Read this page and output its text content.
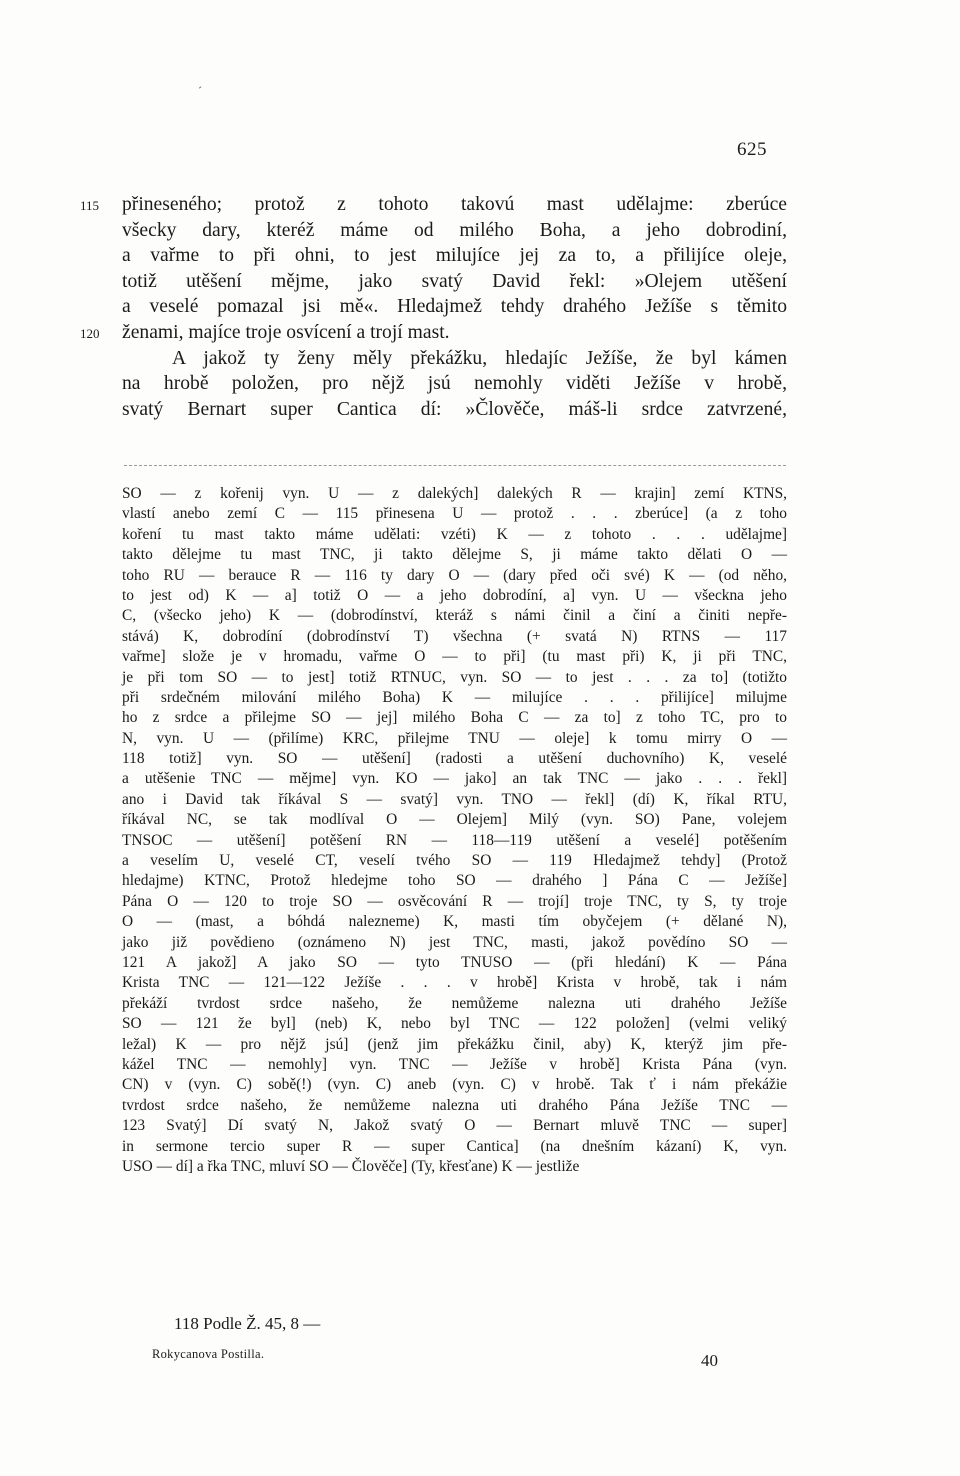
´
625
115 přineseného; protož z tohoto takovú mast udělajme: zberúce
všecky dary, kteréž máme od milého Boha, a jeho dobrodiní,
a vařme to při ohni, to jest milujíce jej za to, a přilijíce oleje,
totiž utěšení mějme, jako svatý David řekl: »Olejem utěšení
a veselé pomazal jsi mě«. Hledajmež tehdy drahého Ježíše s těmito
120 ženami, majíce troje osvícení a trojí mast.
A jakož ty ženy měly překážku, hledajíc Ježíše, že byl kámen
na hrobě položen, pro nějž jsú nemohly viděti Ježíše v hrobě,
svatý Bernart super Cantica dí: »Člověče, máš-li srdce zatvrzené,
SO — z kořenij vyn. U — z dalekých] dalekých R — krajin] zemí KTNS,
vlastí anebo zemí C — 115 přinesena U — protož . . . zberúce] (a z toho
koření tu mast takto máme udělati: vzéti) K — z tohoto . . . udělajme]
takto dělejme tu mast TNC, ji takto dělejme S, ji máme takto dělati O —
toho RU — berauce R — 116 ty dary O — (dary před oči své) K — (od něho,
to jest od) K — a] totiž O — a jeho dobrodíní, a] vyn. U — všeckna jeho
C, (všecko jeho) K — (dobrodínství, kteráž s námi činil a činí a činiti nepře-
stává) K, dobrodíní (dobrodínství T) všechna (+ svatá N) RTNS — 117
vařme] slože je v hromadu, vařme O — to při] (tu mast při) K, ji při TNC,
je při tom SO — to jest] totiž RTNUC, vyn. SO — to jest . . . za to] (totižto
při srdečném milování milého Boha) K — milujíce . . . přilijíce] milujme
ho z srdce a přilejme SO — jej] milého Boha C — za to] z toho TC, pro to
N, vyn. U — (přilíme) KRC, přilejme TNU — oleje] k tomu mirry O —
118 totiž] vyn. SO — utěšení] (radosti a utěšení duchovního) K, veselé
a utěšenie TNC — mějme] vyn. KO — jako] an tak TNC — jako . . . řekl]
ano i David tak říkával S — svatý] vyn. TNO — řekl] (dí) K, říkal RTU,
říkával NC, se tak modlíval O — Olejem] Milý (vyn. SO) Pane, volejem
TNSOC — utěšení] potěšení RN — 118—119 utěšení a veselé] potěšením
a veselím U, veselé CT, veselí tvého SO — 119 Hledajmež tehdy] (Protož
hledajme) KTNC, Protož hledejme toho SO — drahého ] Pána C — Ježíše]
Pána O — 120 to troje SO — osvěcování R — trojí] troje TNC, ty S, ty troje
O — (mast, a bóhdá nalezneme) K, masti tím obyčejem (+ dělané N),
jako již povědieno (oznámeno N) jest TNC, masti, jakož povědíno SO —
121 A jakož] A jako SO — tyto TNUSO — (při hledání) K — Pána
Krista TNC — 121—122 Ježíše . . . v hrobě] Krista v hrobě, tak i nám
překáží tvrdost srdce našeho, že nemůžeme nalezna uti drahého Ježíše
SO — 121 že byl] (neb) K, nebo byl TNC — 122 položen] (velmi veliký
ležal) K — pro nějž jsú] (jenž jim překážku činil, aby) K, kterýž jim pře-
kážel TNC — nemohly] vyn. TNC — Ježíše v hrobě] Krista Pána (vyn.
CN) v (vyn. C) sobě(!) (vyn. C) aneb (vyn. C) v hrobě. Tak ť i nám překážie
tvrdost srdce našeho, že nemůžeme nalezna uti drahého Pána Ježíše TNC —
123 Svatý] Dí svatý N, Jakož svatý O — Bernart mluvě TNC — super]
in sermone tercio super R — super Cantica] (na dnešním kázaní) K, vyn.
USO — dí] a řka TNC, mluví SO — Člověče] (Ty, křesťane) K — jestliže
118 Podle Ž. 45, 8 —
Rokycanova Postilla.	40
